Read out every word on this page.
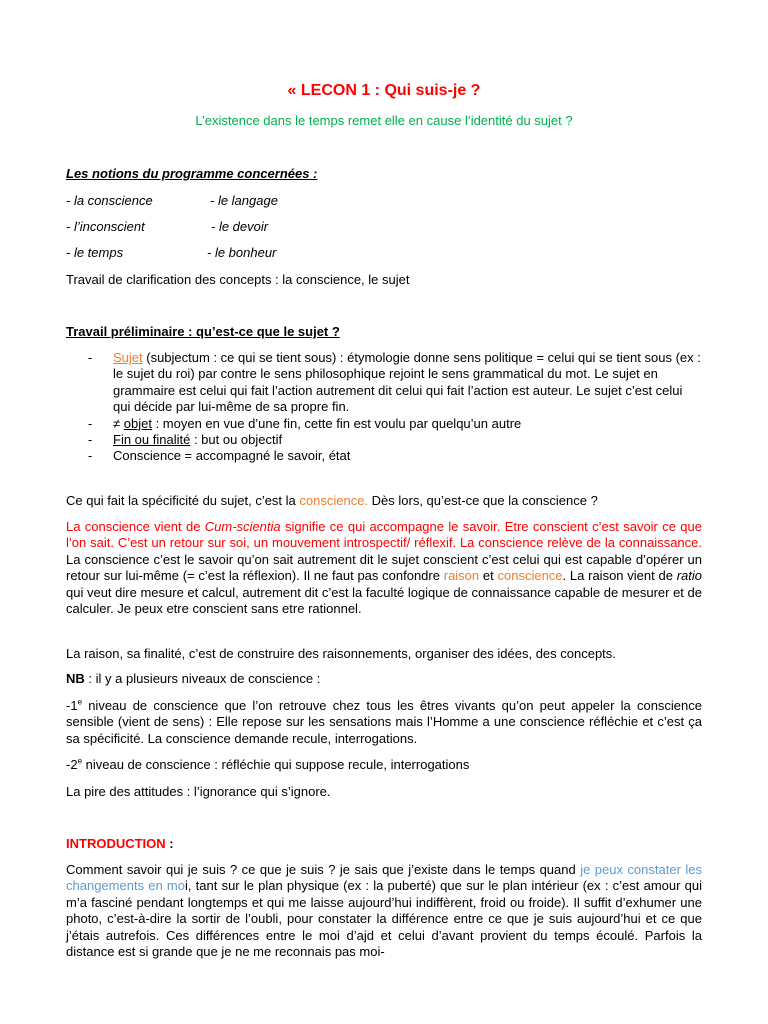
« LECON 1 : Qui suis-je ?
L’existence dans le temps remet elle en cause l’identité du sujet ?
Les notions du programme concernées :
- la conscience	- le langage
- l’inconscient	- le devoir
- le temps	- le bonheur
Travail de clarification des concepts : la conscience, le sujet
Travail préliminaire : qu’est-ce que le sujet ?
- Sujet (subjectum : ce qui se tient sous) : étymologie donne sens politique = celui qui se tient sous (ex : le sujet du roi) par contre le sens philosophique rejoint le sens grammatical du mot. Le sujet en grammaire est celui qui fait l’action autrement dit celui qui fait l’action est auteur. Le sujet c’est celui qui décide par lui-même de sa propre fin.
- ≠ objet : moyen en vue d’une fin, cette fin est voulu par quelqu’un autre
- Fin ou finalité : but ou objectif
- Conscience = accompagné le savoir, état
Ce qui fait la spécificité du sujet, c’est la conscience. Dès lors, qu’est-ce que la conscience ?
La conscience vient de Cum-scientia signifie ce qui accompagne le savoir. Etre conscient c’est savoir ce que l’on sait. C’est un retour sur soi, un mouvement introspectif/ réflexif. La conscience relève de la connaissance. La conscience c’est le savoir qu’on sait autrement dit le sujet conscient c’est celui qui est capable d’opérer un retour sur lui-même (= c’est la réflexion). Il ne faut pas confondre raison et conscience. La raison vient de ratio qui veut dire mesure et calcul, autrement dit c’est la faculté logique de connaissance capable de mesurer et de calculer. Je peux etre conscient sans etre rationnel.
La raison, sa finalité, c’est de construire des raisonnements, organiser des idées, des concepts.
NB : il y a plusieurs niveaux de conscience :
-1e niveau de conscience que l’on retrouve chez tous les êtres vivants qu’on peut appeler la conscience sensible (vient de sens) : Elle repose sur les sensations mais l’Homme a une conscience réfléchie et c’est ça sa spécificité. La conscience demande recule, interrogations.
-2e niveau de conscience : réfléchie qui suppose recule, interrogations
La pire des attitudes : l’ignorance qui s’ignore.
INTRODUCTION :
Comment savoir qui je suis ? ce que je suis ? je sais que j’existe dans le temps quand je peux constater les changements en moi, tant sur le plan physique (ex : la puberté) que sur le plan intérieur (ex : c’est amour qui m’a fasciné pendant longtemps et qui me laisse aujourd’hui indiffèrent, froid ou froide). Il suffit d’exhumer une photo, c’est-à-dire la sortir de l’oubli, pour constater la différence entre ce que je suis aujourd’hui et ce que j’étais autrefois. Ces différences entre le moi d’ajd et celui d’avant provient du temps écoulé. Parfois la distance est si grande que je ne me reconnais pas moi-
